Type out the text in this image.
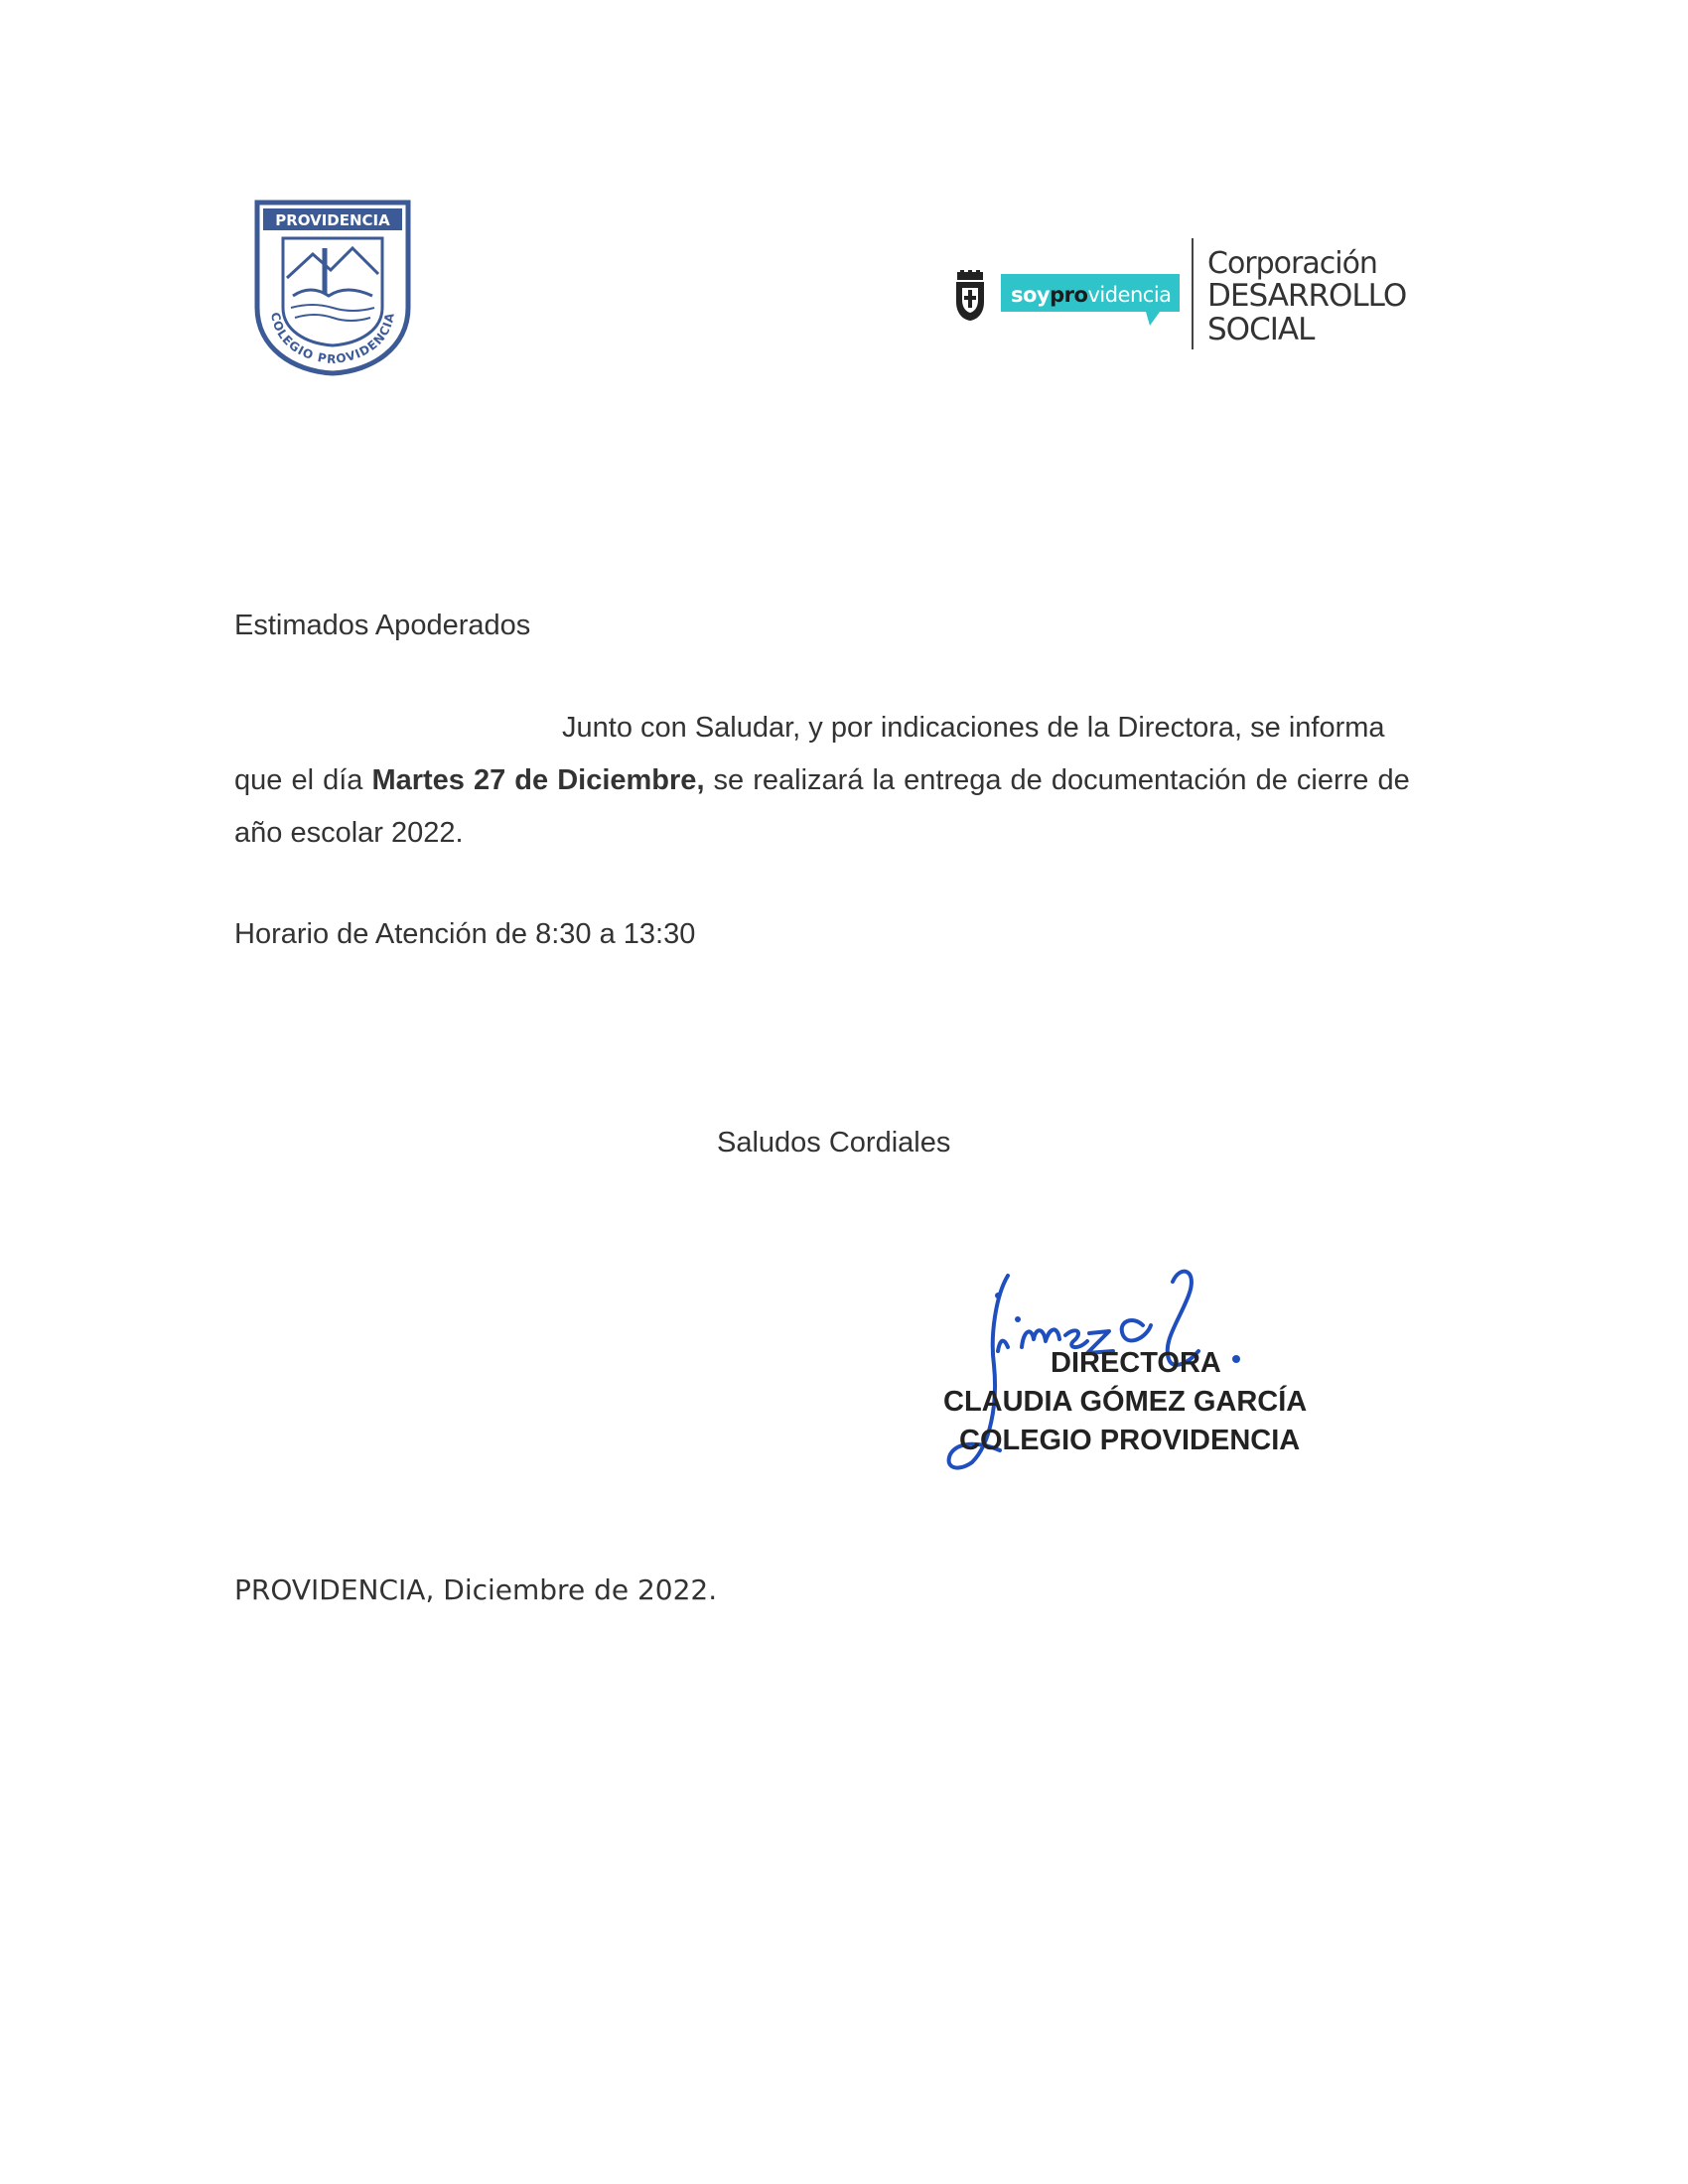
PROVIDENCIA
COLEGIO PROVIDENCIA
soyprovidencia
Corporación
DESARROLLO
SOCIAL
Estimados Apoderados
Junto con Saludar, y por indicaciones de la Directora, se informa
que el día Martes 27 de Diciembre, se realizará la entrega de documentación de cierre de
año escolar 2022.
Horario de Atención de 8:30 a 13:30
Saludos Cordiales
DIRECTORA
CLAUDIA GÓMEZ GARCÍA
COLEGIO PROVIDENCIA
PROVIDENCIA, Diciembre de 2022.
